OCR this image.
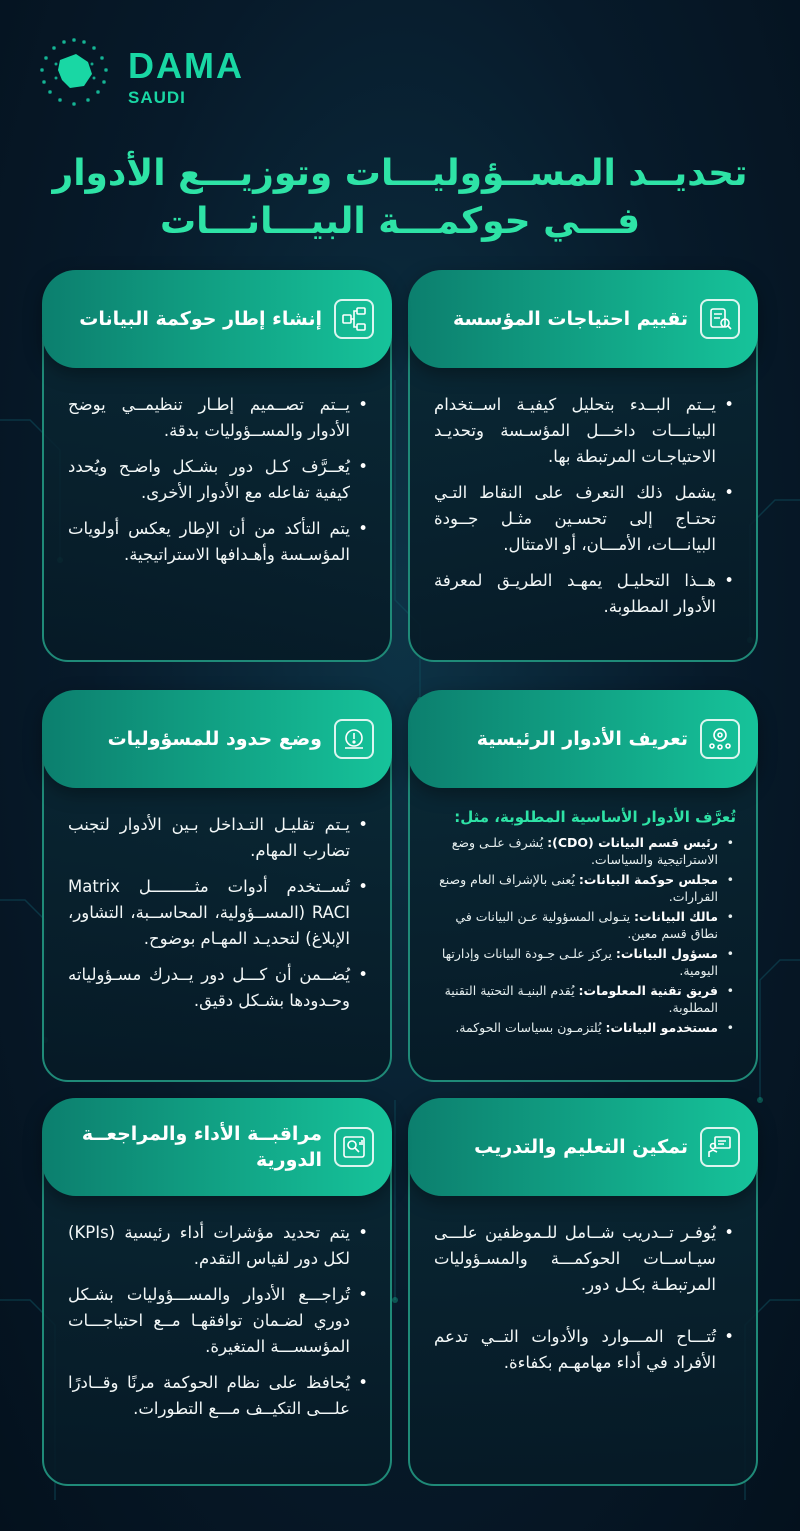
DAMA
SAUDI
تحديــد المســؤوليـــات وتوزيـــع الأدوار
فـــي حوكمـــة البيـــانـــات
تقييم احتياجات المؤسسة
• يــتم البــدء بتحليل كيفيـة اســتخدام البيانـــات داخـــل المؤسـسة وتحديـد الاحتياجـات المرتبطة بها.
• يشمل ذلك التعرف على النقاط التـي تحتـاج إلى تحسـين مثـل جــودة البيانـــات، الأمـــان، أو الامتثال.
• هــذا التحليـل يمهـد الطريـق لمعرفة الأدوار المطلوبة.
إنشاء إطار حوكمة البيانات
• يــتم تصــميم إطـار تنظيمــي يوضح الأدوار والمســؤوليات بدقة.
• يُعــرَّف كـل دور بشـكل واضـح ويُحدد كيفية تفاعله مع الأدوار الأخرى.
• يتم التأكد من أن الإطار يعكس أولويات المؤسـسة وأهـدافها الاستراتيجية.
تعريف الأدوار الرئيسية
تُعرَّف الأدوار الأساسية المطلوبة، مثل:
• رئيس قسم البيانات (CDO): يُشرف علـى وضع الاستراتيجية والسياسات.
• مجلس حوكمة البيانات: يُعنى بالإشراف العام وصنع القرارات.
• مالك البيانات: يتـولى المسؤولية عـن البيانات في نطاق قسم معين.
• مسؤول البيانات: يركز علـى جـودة البيانات وإدارتها اليومية.
• فريق تقنية المعلومات: يُقدم البنيـة التحتية التقنية المطلوبة.
• مستخدمو البيانات: يُلتزمـون بسياسات الحوكمة.
وضع حدود للمسؤوليات
• يـتم تقليـل التـداخل بـين الأدوار لتجنب تضارب المهام.
• تُســتخدم أدوات مثـــــــــل Matrix RACI (المســؤولية، المحاســبة، التشاور، الإبلاغ) لتحديـد المهـام بوضوح.
• يُضــمن أن كـــل دور يــدرك مسـؤولياته وحـدودها بشـكل دقيق.
تمكين التعليم والتدريب
• يُوفـر تــدريب شــامل للـموظفين علـــى سيـاســات الحوكمـــة والمسـؤوليات المرتبطـة بكـل دور.
• تُتـــاح المـــوارد والأدوات التــي تدعم الأفراد في أداء مهامهـم بكفاءة.
مراقبــة الأداء والمراجعــة الدورية
• يتم تحديد مؤشرات أداء رئيسية (KPIs) لكل دور لقياس التقدم.
• تُراجـــع الأدوار والمســـؤوليات بشـكل دوري لضـمان توافقهـا مــع احتياجـــات المؤسســـة المتغيرة.
• يُحافظ على نظام الحوكمة مرنًا وقــادرًا علـــى التكيــف مـــع التطورات.
